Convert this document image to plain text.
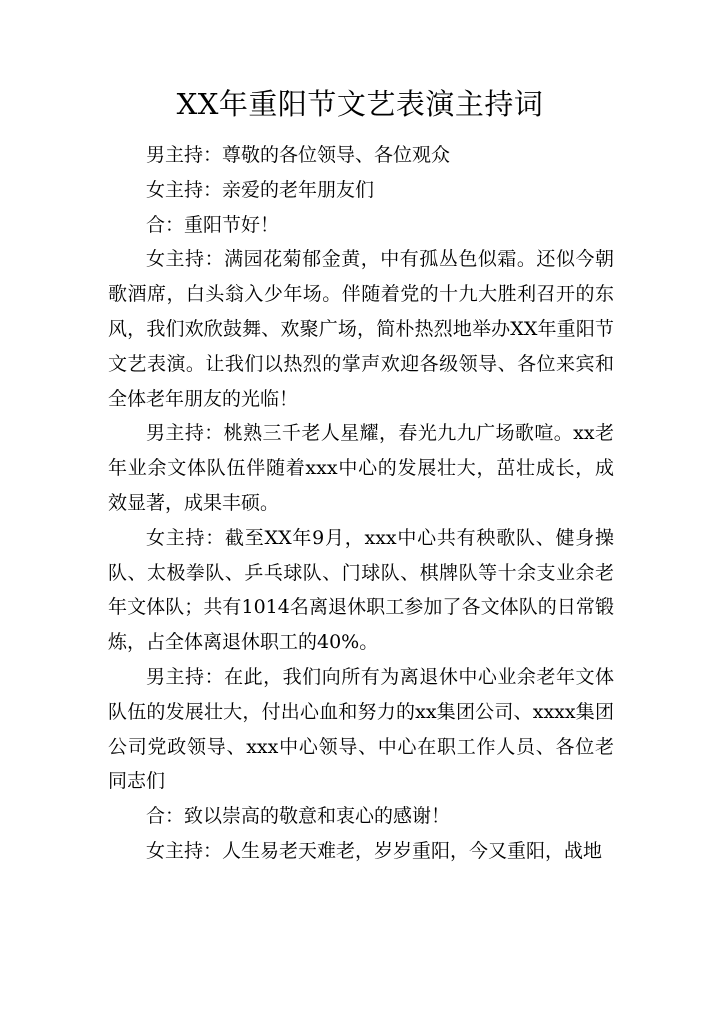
XX年重阳节文艺表演主持词

男主持：尊敬的各位领导、各位观众

女主持：亲爱的老年朋友们

合：重阳节好！

女主持：满园花菊郁金黄，中有孤丛色似霜。还似今朝歌酒席，白头翁入少年场。伴随着党的十九大胜利召开的东风，我们欢欣鼓舞、欢聚广场，简朴热烈地举办XX年重阳节文艺表演。让我们以热烈的掌声欢迎各级领导、各位来宾和全体老年朋友的光临！

男主持：桃熟三千老人星耀，春光九九广场歌喧。xx老年业余文体队伍伴随着xxx中心的发展壮大，茁壮成长，成效显著，成果丰硕。

女主持：截至XX年9月，xxx中心共有秧歌队、健身操队、太极拳队、乒乓球队、门球队、棋牌队等十余支业余老年文体队；共有1014名离退休职工参加了各文体队的日常锻炼，占全体离退休职工的40%。

男主持：在此，我们向所有为离退休中心业余老年文体队伍的发展壮大，付出心血和努力的xx集团公司、xxxx集团公司党政领导、xxx中心领导、中心在职工作人员、各位老同志们

合：致以崇高的敬意和衷心的感谢！

女主持：人生易老天难老，岁岁重阳，今又重阳，战地
